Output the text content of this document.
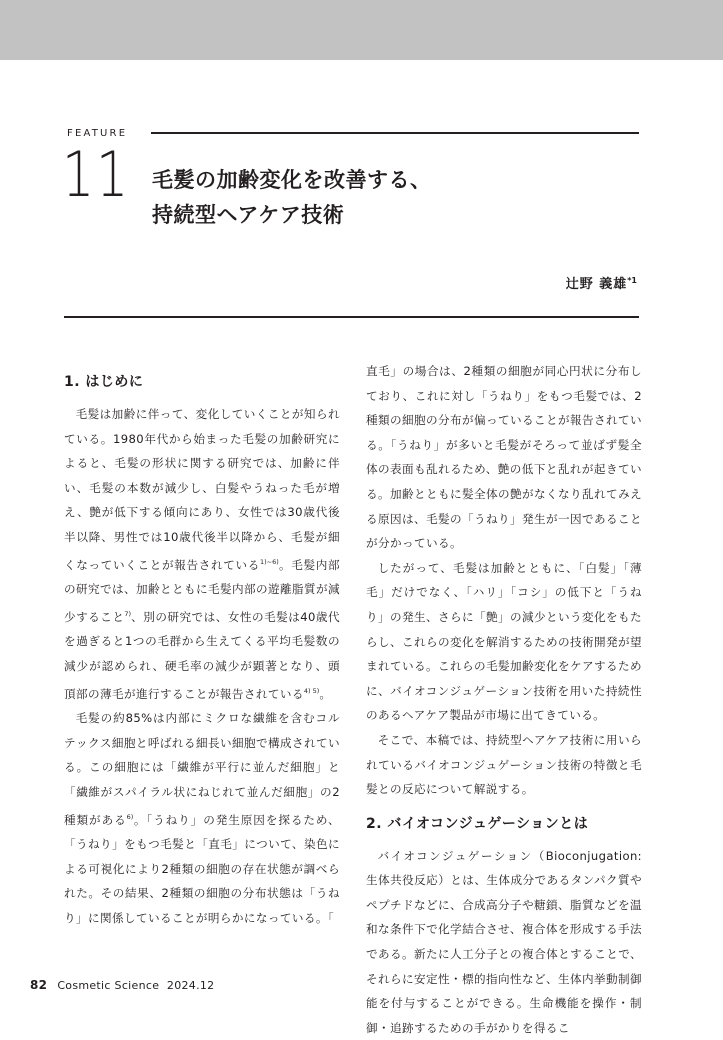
FEATURE
11 毛髪の加齢変化を改善する、
持続型ヘアケア技術
辻野 義雄$^{*1}$
1. はじめに

毛髪は加齢に伴って、変化していくことが知られている。1980年代から始まった毛髪の加齢研究によると、毛髪の形状に関する研究では、加齢に伴い、毛髪の本数が減少し、白髪やうねった毛が増え、艶が低下する傾向にあり、女性では30歳代後半以降、男性では10歳代後半以降から、毛髪が細くなっていくことが報告されている$^{1)\sim 6)}$。毛髪内部の研究では、加齢とともに毛髪内部の遊離脂質が減少すること$^{7)}$、別の研究では、女性の毛髪は40歳代を過ぎると1つの毛群から生えてくる平均毛髪数の減少が認められ、硬毛率の減少が顕著となり、頭頂部の薄毛が進行することが報告されている$^{4) 5)}$。

毛髪の約85%は内部にミクロな繊維を含むコルテックス細胞と呼ばれる細長い細胞で構成されている。この細胞には「繊維が平行に並んだ細胞」と「繊維がスパイラル状にねじれて並んだ細胞」の2種類がある$^{6)}$。「うねり」の発生原因を探るため、「うねり」をもつ毛髪と「直毛」について、染色による可視化により2種類の細胞の存在状態が調べられた。その結果、2種類の細胞の分布状態は「うねり」に関係していることが明らかになっている。「

直毛」の場合は、2種類の細胞が同心円状に分布しており、これに対し「うねり」をもつ毛髪では、2種類の細胞の分布が偏っていることが報告されている。「うねり」が多いと毛髪がそろって並ばず髪全体の表面も乱れるため、艶の低下と乱れが起きている。加齢とともに髪全体の艶がなくなり乱れてみえる原因は、毛髪の「うねり」発生が一因であることが分かっている。

したがって、毛髪は加齢とともに、「白髪」「薄毛」だけでなく、「ハリ」「コシ」の低下と「うねり」の発生、さらに「艶」の減少という変化をもたらし、これらの変化を解消するための技術開発が望まれている。これらの毛髪加齢変化をケアするために、バイオコンジュゲーション技術を用いた持続性のあるヘアケア製品が市場に出てきている。

そこで、本稿では、持続型ヘアケア技術に用いられているバイオコンジュゲーション技術の特徴と毛髪との反応について解説する。

2. バイオコンジュゲーションとは

バイオコンジュゲーション（Bioconjugation: 生体共役反応）とは、生体成分であるタンパク質やペプチドなどに、合成高分子や糖鎖、脂質などを温和な条件下で化学結合させ、複合体を形成する手法である。新たに人工分子との複合体とすることで、それらに安定性・標的指向性など、生体内挙動制御能を付与することができる。生命機能を操作・制御・追跡するための手がかりを得るこ

82 Cosmetic Science 2024.12
